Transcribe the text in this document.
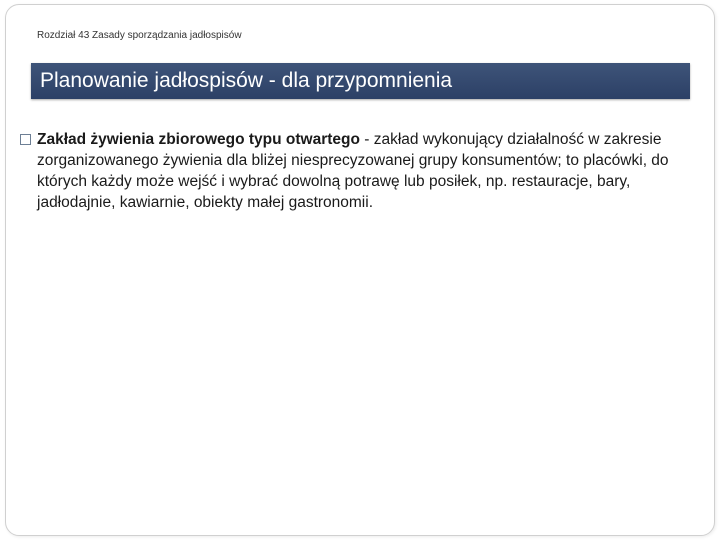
Rozdział 43 Zasady sporządzania jadłospisów
Planowanie jadłospisów - dla przypomnienia
Zakład żywienia zbiorowego typu otwartego - zakład wykonujący działalność w zakresie zorganizowanego żywienia dla bliżej niesprecyzowanej grupy konsumentów; to placówki, do których każdy może wejść i wybrać dowolną potrawę lub posiłek, np. restauracje, bary, jadłodajnie, kawiarnie, obiekty małej gastronomii.
